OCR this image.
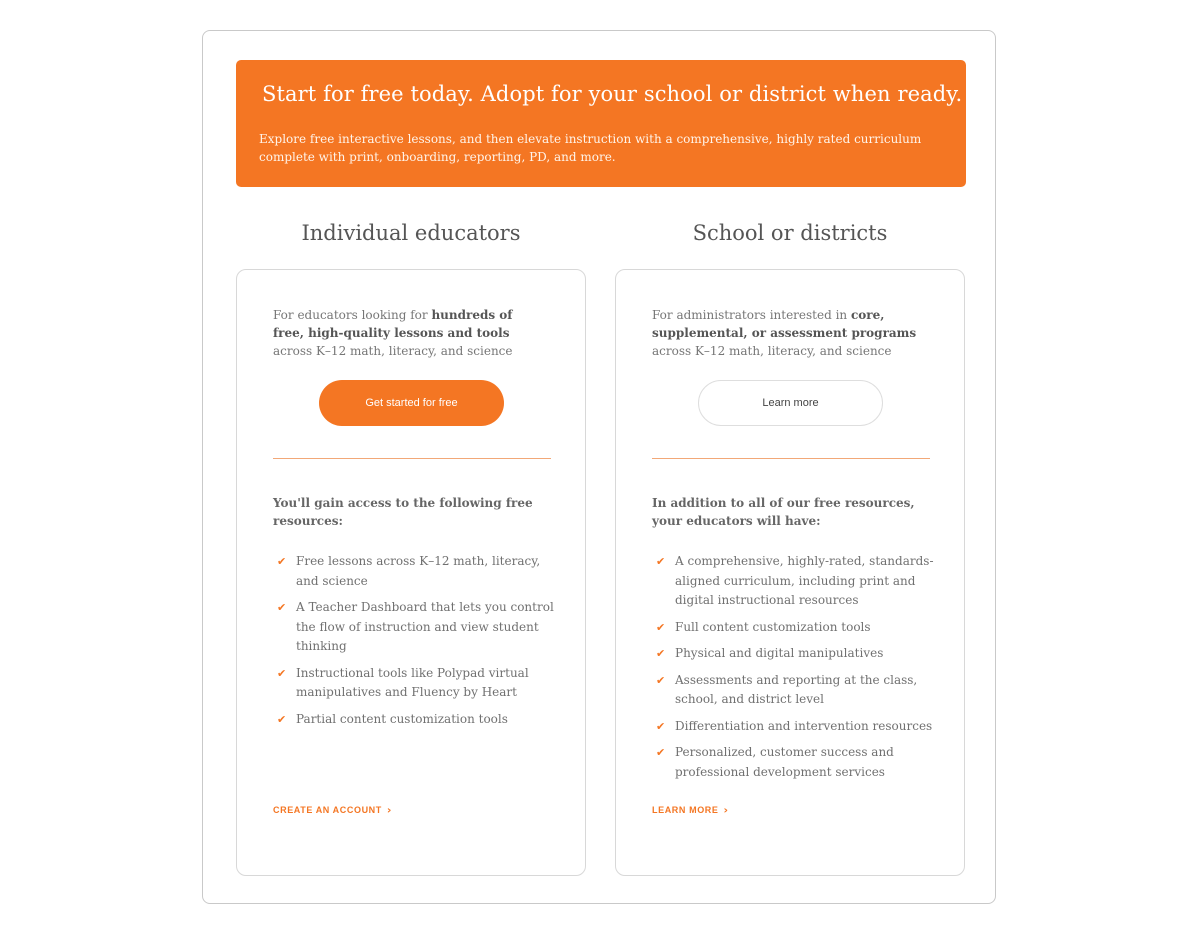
Start for free today. Adopt for your school or district when ready.
Explore free interactive lessons, and then elevate instruction with a comprehensive, highly rated curriculum complete with print, onboarding, reporting, PD, and more.
Individual educators
For educators looking for hundreds of free, high-quality lessons and tools across K–12 math, literacy, and science
Get started for free
You'll gain access to the following free resources:
✔ Free lessons across K–12 math, literacy, and science
✔ A Teacher Dashboard that lets you control the flow of instruction and view student thinking
✔ Instructional tools like Polypad virtual manipulatives and Fluency by Heart
✔ Partial content customization tools
CREATE AN ACCOUNT ›
School or districts
For administrators interested in core, supplemental, or assessment programs across K–12 math, literacy, and science
Learn more
In addition to all of our free resources, your educators will have:
✔ A comprehensive, highly-rated, standards-aligned curriculum, including print and digital instructional resources
✔ Full content customization tools
✔ Physical and digital manipulatives
✔ Assessments and reporting at the class, school, and district level
✔ Differentiation and intervention resources
✔ Personalized, customer success and professional development services
LEARN MORE ›
